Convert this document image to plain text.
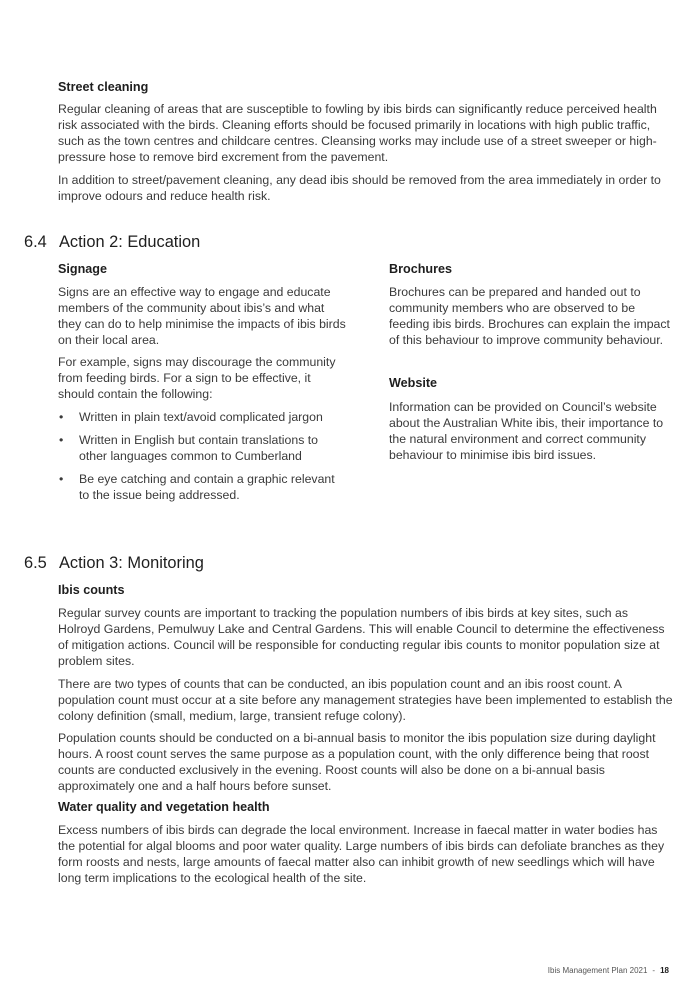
Street cleaning

Regular cleaning of areas that are susceptible to fowling by ibis birds can significantly reduce perceived health risk associated with the birds. Cleaning efforts should be focused primarily in locations with high public traffic, such as the town centres and childcare centres. Cleansing works may include use of a street sweeper or high-pressure hose to remove bird excrement from the pavement.

In addition to street/pavement cleaning, any dead ibis should be removed from the area immediately in order to improve odours and reduce health risk.

6.4 Action 2: Education
Signage

Signs are an effective way to engage and educate members of the community about ibis’s and what they can do to help minimise the impacts of ibis birds on their local area.

For example, signs may discourage the community from feeding birds. For a sign to be effective, it should contain the following:

• Written in plain text/avoid complicated jargon
• Written in English but contain translations to other languages common to Cumberland
• Be eye catching and contain a graphic relevant to the issue being addressed.
Brochures

Brochures can be prepared and handed out to community members who are observed to be feeding ibis birds. Brochures can explain the impact of this behaviour to improve community behaviour.

Website

Information can be provided on Council’s website about the Australian White ibis, their importance to the natural environment and correct community behaviour to minimise ibis bird issues.

6.5 Action 3: Monitoring
Ibis counts

Regular survey counts are important to tracking the population numbers of ibis birds at key sites, such as Holroyd Gardens, Pemulwuy Lake and Central Gardens. This will enable Council to determine the effectiveness of mitigation actions. Council will be responsible for conducting regular ibis counts to monitor population size at problem sites.

There are two types of counts that can be conducted, an ibis population count and an ibis roost count. A population count must occur at a site before any management strategies have been implemented to establish the colony definition (small, medium, large, transient refuge colony).

Population counts should be conducted on a bi-annual basis to monitor the ibis population size during daylight hours. A roost count serves the same purpose as a population count, with the only difference being that roost counts are conducted exclusively in the evening. Roost counts will also be done on a bi-annual basis approximately one and a half hours before sunset.

Water quality and vegetation health

Excess numbers of ibis birds can degrade the local environment. Increase in faecal matter in water bodies has the potential for algal blooms and poor water quality. Large numbers of ibis birds can defoliate branches as they form roosts and nests, large amounts of faecal matter also can inhibit growth of new seedlings which will have long term implications to the ecological health of the site.

Ibis Management Plan 2021 - 18
